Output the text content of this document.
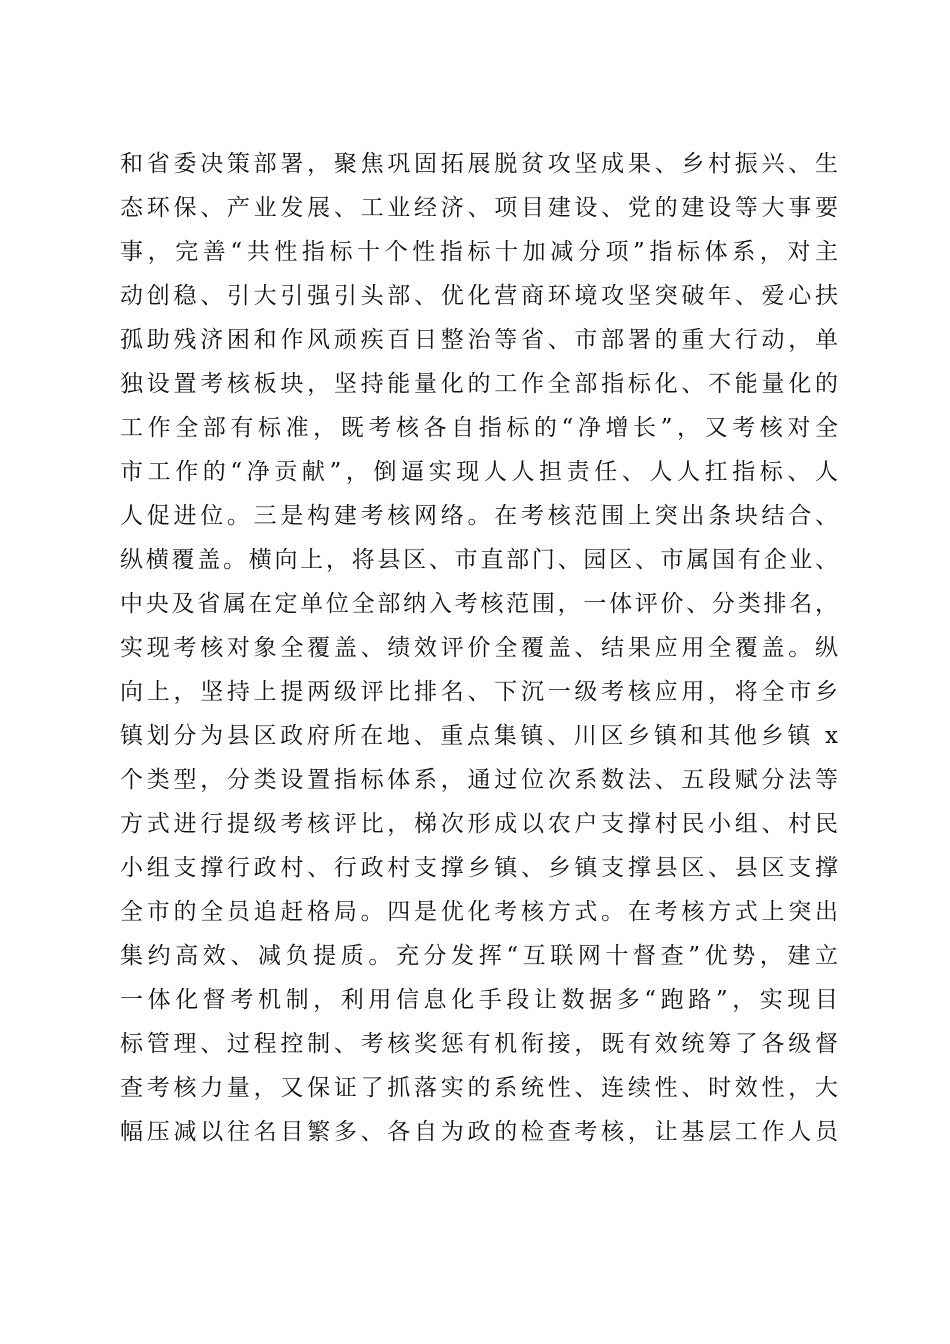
和省委决策部署，聚焦巩固拓展脱贫攻坚成果、乡村振兴、生
态环保、产业发展、工业经济、项目建设、党的建设等大事要
事，完善“共性指标十个性指标十加减分项”指标体系，对主
动创稳、引大引强引头部、优化营商环境攻坚突破年、爱心扶
孤助残济困和作风顽疾百日整治等省、市部署的重大行动，单
独设置考核板块，坚持能量化的工作全部指标化、不能量化的
工作全部有标准，既考核各自指标的“净增长”，又考核对全
市工作的“净贡献”，倒逼实现人人担责任、人人扛指标、人
人促进位。三是构建考核网络。在考核范围上突出条块结合、
纵横覆盖。横向上，将县区、市直部门、园区、市属国有企业、
中央及省属在定单位全部纳入考核范围，一体评价、分类排名，
实现考核对象全覆盖、绩效评价全覆盖、结果应用全覆盖。纵
向上，坚持上提两级评比排名、下沉一级考核应用，将全市乡
镇划分为县区政府所在地、重点集镇、川区乡镇和其他乡镇 x
个类型，分类设置指标体系，通过位次系数法、五段赋分法等
方式进行提级考核评比，梯次形成以农户支撑村民小组、村民
小组支撑行政村、行政村支撑乡镇、乡镇支撑县区、县区支撑
全市的全员追赶格局。四是优化考核方式。在考核方式上突出
集约高效、减负提质。充分发挥“互联网十督查”优势，建立
一体化督考机制，利用信息化手段让数据多“跑路”，实现目
标管理、过程控制、考核奖惩有机衔接，既有效统筹了各级督
查考核力量，又保证了抓落实的系统性、连续性、时效性，大
幅压减以往名目繁多、各自为政的检查考核，让基层工作人员
